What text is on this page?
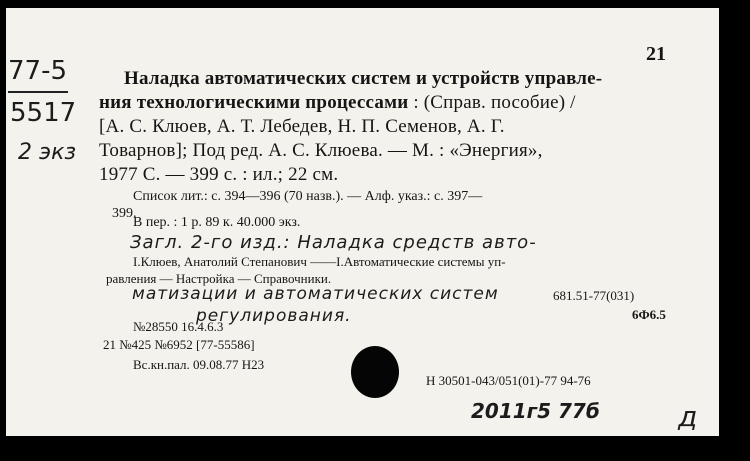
77-5
5517
2 экз
21
Наладка автоматических систем и устройств управле-
ния технологическими процессами : (Справ. пособие) /
[А. С. Клюев, А. Т. Лебедев, Н. П. Семенов, А. Г.
Товарнов]; Под ред. А. С. Клюева. — М. : «Энергия»,
1977 С. — 399 с. : ил.; 22 см.
Список лит.: с. 394—396 (70 назв.). — Алф. указ.: с. 397—
399.
В пер. : 1 р. 89 к. 40.000 экз.
Загл. 2-го изд.: Наладка средств авто-
I.Клюев, Анатолий Степанович ——I.Автоматические системы уп-
равления — Настройка — Справочники.
матизации и автоматических систем	681.51-77(031)
регулирования.	6Ф6.5
№28550 16.4.6.3
21 №425 №6952 [77-55586]
Вс.кн.пал. 09.08.77 H23
H 30501-043/051(01)-77 94-76
2011г5 77б	д
